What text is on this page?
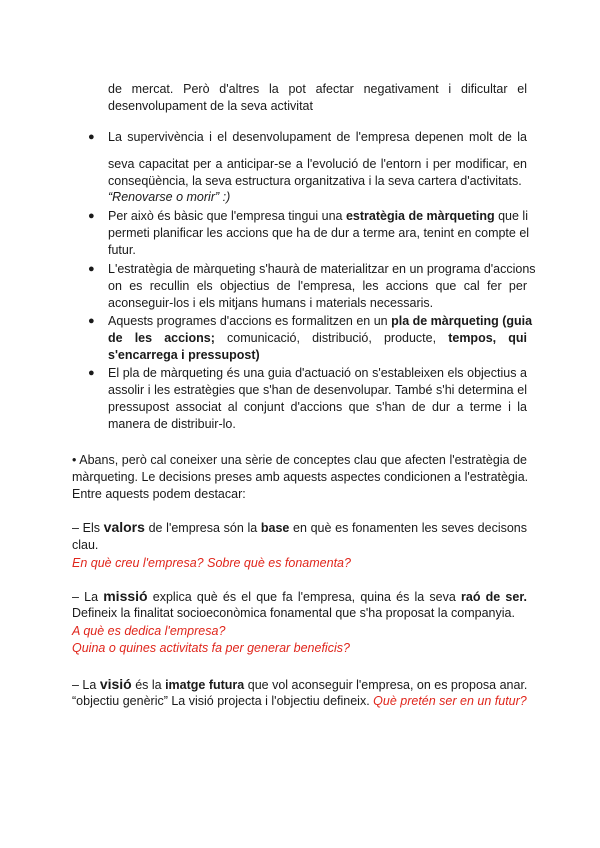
de mercat. Però d'altres la pot afectar negativament i dificultar el
desenvolupament de la seva activitat
● La supervivència i el desenvolupament de l'empresa depenen molt de la
seva capacitat per a anticipar-se a l'evolució de l'entorn i per modificar, en
conseqüència, la seva estructura organitzativa i la seva cartera d'activitats.
“Renovarse o morir” :)
● Per això és bàsic que l'empresa tingui una estratègia de màrqueting que li
permeti planificar les accions que ha de dur a terme ara, tenint en compte el
futur.
● L'estratègia de màrqueting s'haurà de materialitzar en un programa d'accions
on es recullin els objectius de l'empresa, les accions que cal fer per
aconseguir-los i els mitjans humans i materials necessaris.
● Aquests programes d'accions es formalitzen en un pla de màrqueting (guia
de les accions; comunicació, distribució, producte, tempos, qui
s'encarrega i pressupost)
● El pla de màrqueting és una guia d'actuació on s'estableixen els objectius a
assolir i les estratègies que s'han de desenvolupar. També s'hi determina el
pressupost associat al conjunt d'accions que s'han de dur a terme i la
manera de distribuir-lo.
• Abans, però cal coneixer una sèrie de conceptes clau que afecten l'estratègia de
màrqueting. Le decisions preses amb aquests aspectes condicionen a l'estratègia.
Entre aquests podem destacar:
– Els valors de l'empresa són la base en què es fonamenten les seves decisons
clau.
En què creu l'empresa? Sobre què es fonamenta?
– La missió explica què és el que fa l'empresa, quina és la seva raó de ser.
Defineix la finalitat socioeconòmica fonamental que s'ha proposat la companyia.
A què es dedica l'empresa?
Quina o quines activitats fa per generar beneficis?
– La visió és la imatge futura que vol aconseguir l'empresa, on es proposa anar.
“objectiu genèric” La visió projecta i l'objectiu defineix. Què pretén ser en un futur?
